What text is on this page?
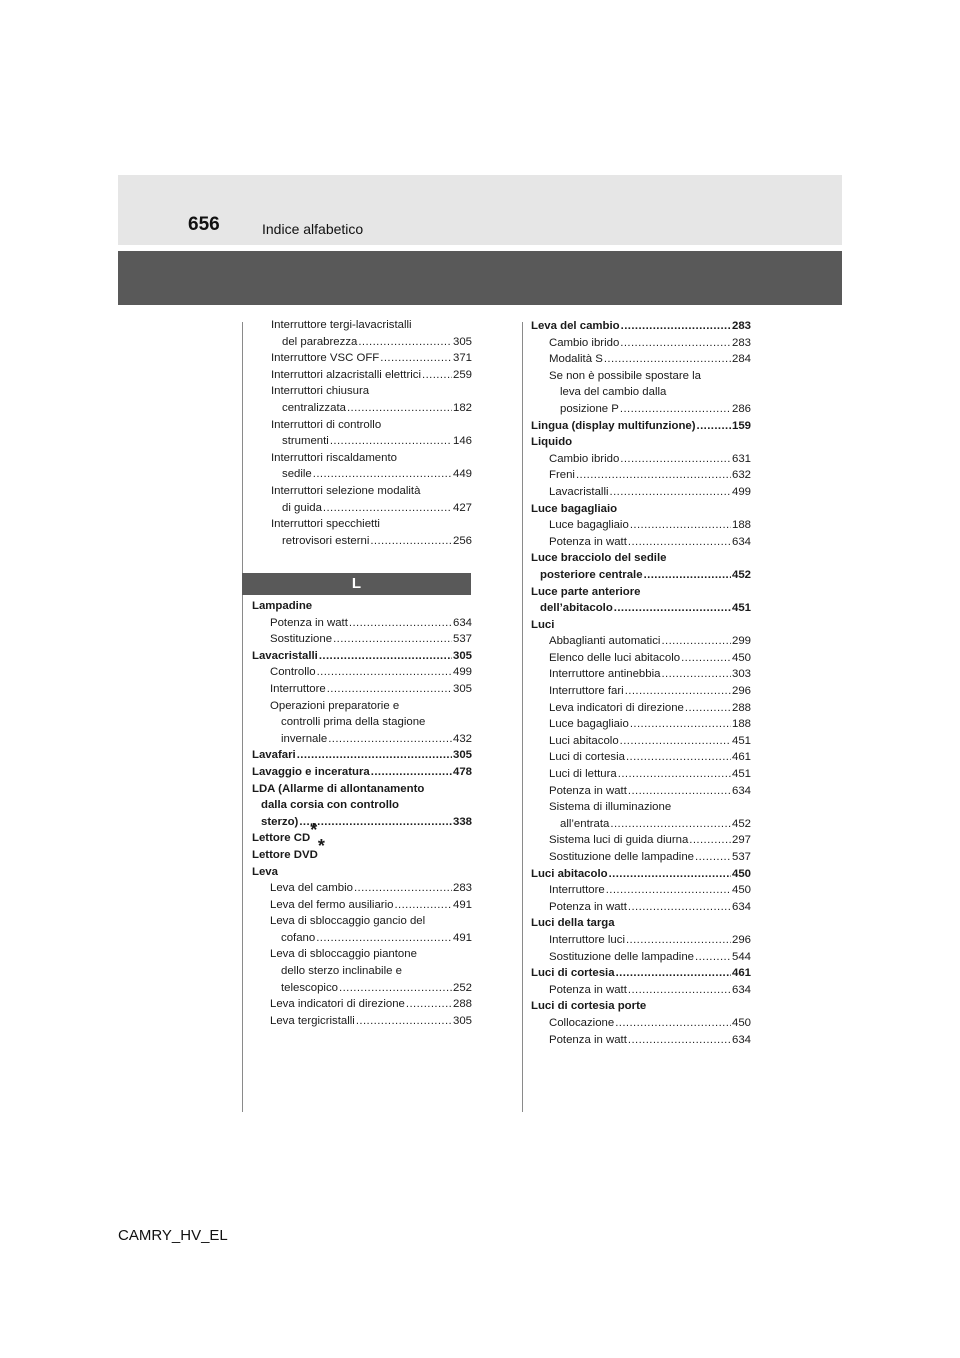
656	Indice alfabetico
Interruttore tergi-lavacristalli
del parabrezza .....	305
Interruttore VSC OFF .....	371
Interruttori alzacristalli elettrici .....	259
Interruttori chiusura
centralizzata .....	182
Interruttori di controllo
strumenti .....	146
Interruttori riscaldamento
sedile .....	449
Interruttori selezione modalità
di guida .....	427
Interruttori specchietti
retrovisori esterni .....	256
L
Lampadine
Potenza in watt .....	634
Sostituzione .....	537
Lavacristalli .....	305
Controllo .....	499
Interruttore .....	305
Operazioni preparatorie e
controlli prima della stagione
invernale .....	432
Lavafari .....	305
Lavaggio e inceratura .....	478
LDA (Allarme di allontanamento
dalla corsia con controllo
sterzo) .....	338
Lettore CD*
Lettore DVD*
Leva
Leva del cambio .....	283
Leva del fermo ausiliario .....	491
Leva di sbloccaggio gancio del
cofano .....	491
Leva di sbloccaggio piantone
dello sterzo inclinabile e
telescopico .....	252
Leva indicatori di direzione .....	288
Leva tergicristalli .....	305
Leva del cambio .....	283
Cambio ibrido .....	283
Modalità S .....	284
Se non è possibile spostare la
leva del cambio dalla
posizione P .....	286
Lingua (display multifunzione) .....	159
Liquido
Cambio ibrido .....	631
Freni .....	632
Lavacristalli .....	499
Luce bagagliaio
Luce bagagliaio .....	188
Potenza in watt .....	634
Luce bracciolo del sedile
posteriore centrale .....	452
Luce parte anteriore
dell’abitacolo .....	451
Luci
Abbaglianti automatici .....	299
Elenco delle luci abitacolo .....	450
Interruttore antinebbia .....	303
Interruttore fari .....	296
Leva indicatori di direzione .....	288
Luce bagagliaio .....	188
Luci abitacolo .....	451
Luci di cortesia .....	461
Luci di lettura .....	451
Potenza in watt .....	634
Sistema di illuminazione
all’entrata .....	452
Sistema luci di guida diurna .....	297
Sostituzione delle lampadine .....	537
Luci abitacolo .....	450
Interruttore .....	450
Potenza in watt .....	634
Luci della targa
Interruttore luci .....	296
Sostituzione delle lampadine .....	544
Luci di cortesia .....	461
Potenza in watt .....	634
Luci di cortesia porte
Collocazione .....	450
Potenza in watt .....	634
CAMRY_HV_EL
